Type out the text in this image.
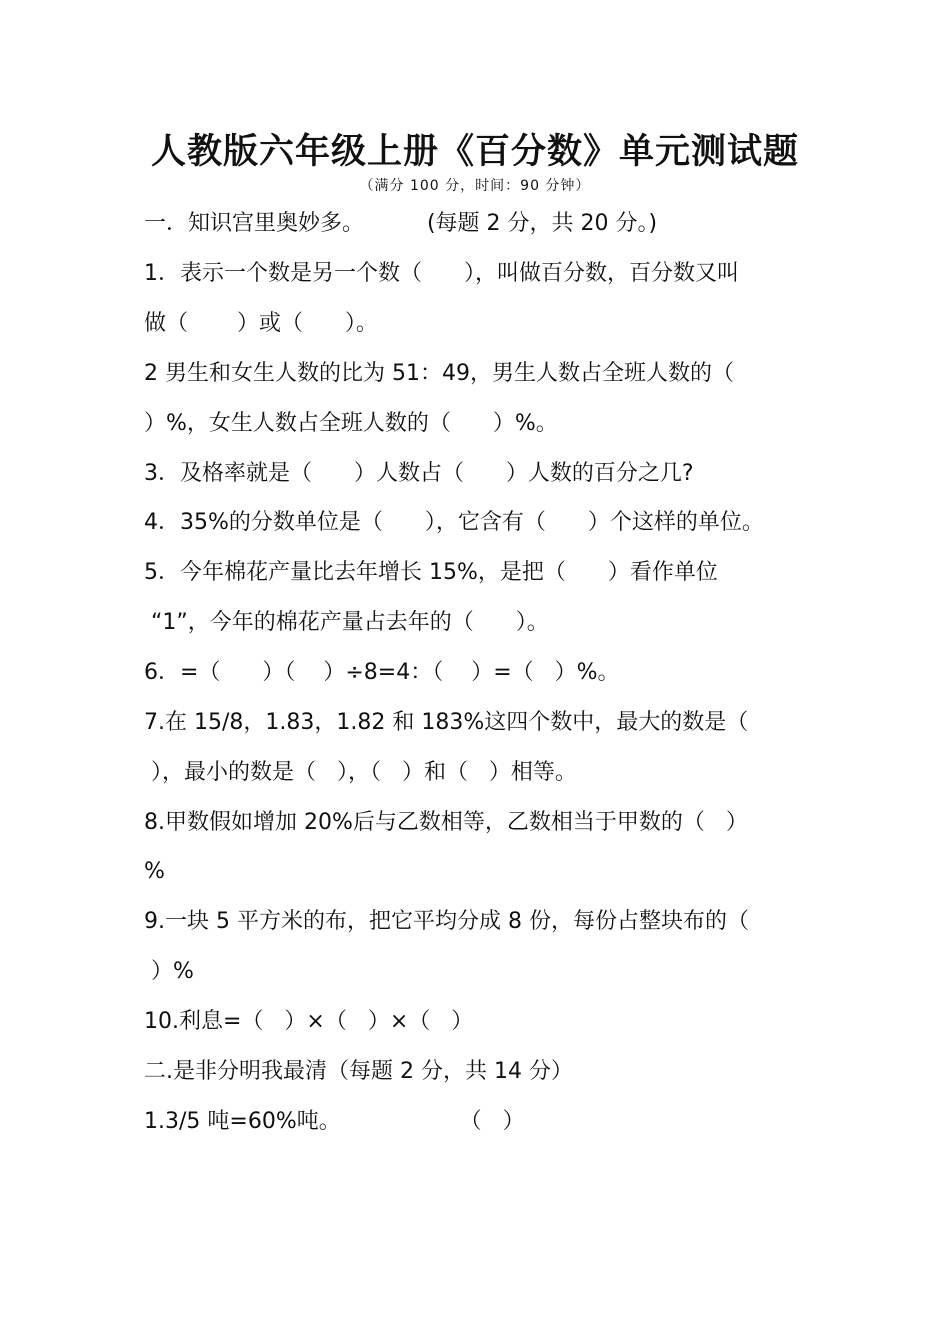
人教版六年级上册《百分数》单元测试题
（满分 100 分，时间：90 分钟）
一．知识宫里奥妙多。         (每题 2 分，共 20 分。)
1．表示一个数是另一个数（      ），叫做百分数，百分数又叫
做（       ）或（      ）。
2 男生和女生人数的比为 51：49，男生人数占全班人数的（
）%，女生人数占全班人数的（      ）%。
3．及格率就是（      ）人数占（      ）人数的百分之几?
4．35%的分数单位是（      ），它含有（      ）个这样的单位。
5．今年棉花产量比去年增长 15%，是把（      ）看作单位
“1”，今年的棉花产量占去年的（      ）。
6．=（      ）（    ）÷8=4：（    ）=（   ）%。
7.在 15/8，1.83，1.82 和 183%这四个数中，最大的数是（
），最小的数是（   ），（   ）和（   ）相等。
8.甲数假如增加 20%后与乙数相等，乙数相当于甲数的（   ）
%
9.一块 5 平方米的布，把它平均分成 8 份，每份占整块布的（
）%
10.利息=（   ）×（   ）×（   ）
二.是非分明我最清（每题 2 分，共 14 分）
1.3/5 吨=60%吨。                 （   ）
